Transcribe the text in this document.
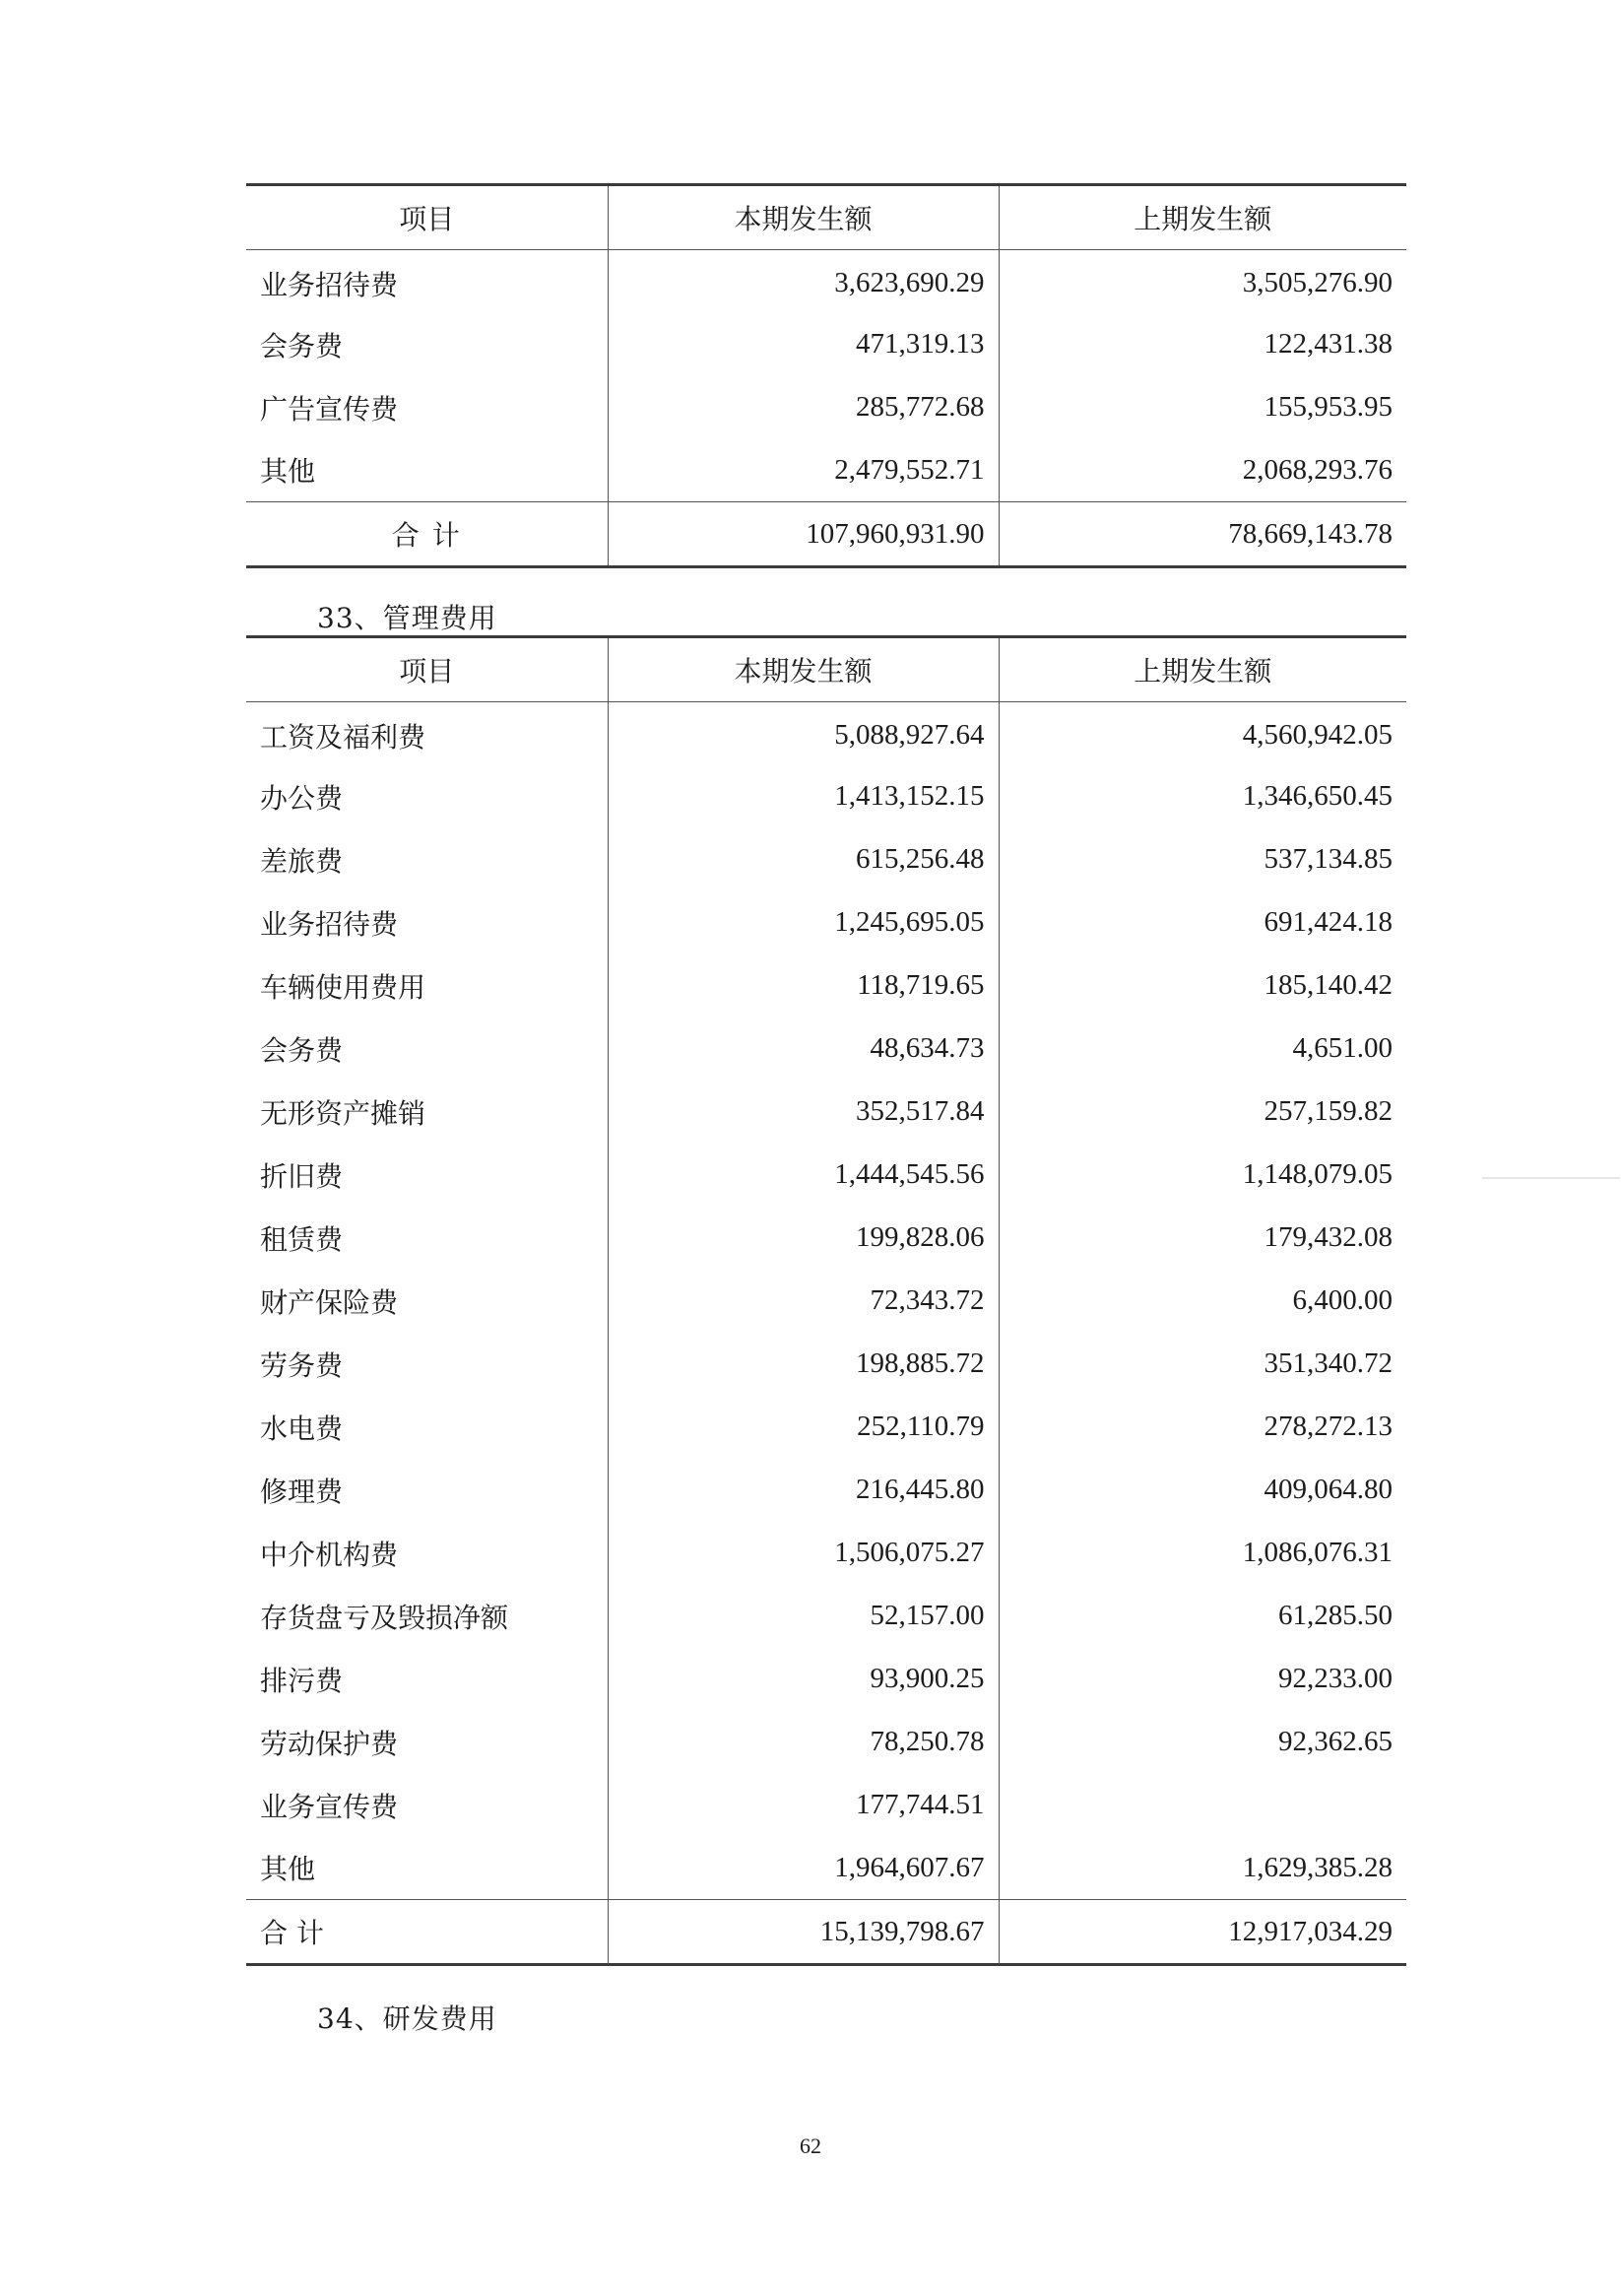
项目	本期发生额	上期发生额
业务招待费	3,623,690.29	3,505,276.90
会务费	471,319.13	122,431.38
广告宣传费	285,772.68	155,953.95
其他	2,479,552.71	2,068,293.76
合 计	107,960,931.90	78,669,143.78
33、管理费用
项目	本期发生额	上期发生额
工资及福利费	5,088,927.64	4,560,942.05
办公费	1,413,152.15	1,346,650.45
差旅费	615,256.48	537,134.85
业务招待费	1,245,695.05	691,424.18
车辆使用费用	118,719.65	185,140.42
会务费	48,634.73	4,651.00
无形资产摊销	352,517.84	257,159.82
折旧费	1,444,545.56	1,148,079.05
租赁费	199,828.06	179,432.08
财产保险费	72,343.72	6,400.00
劳务费	198,885.72	351,340.72
水电费	252,110.79	278,272.13
修理费	216,445.80	409,064.80
中介机构费	1,506,075.27	1,086,076.31
存货盘亏及毁损净额	52,157.00	61,285.50
排污费	93,900.25	92,233.00
劳动保护费	78,250.78	92,362.65
业务宣传费	177,744.51	
其他	1,964,607.67	1,629,385.28
合 计	15,139,798.67	12,917,034.29
34、研发费用
62
